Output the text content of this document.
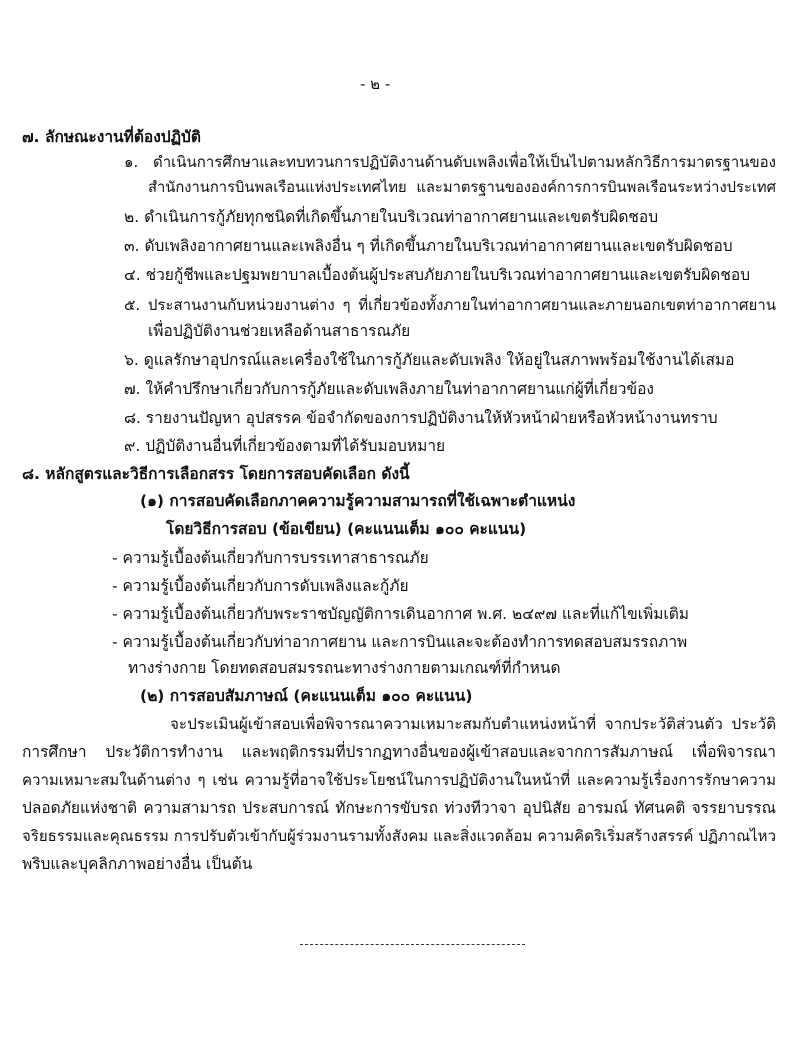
- ๒ -
๗. ลักษณะงานที่ต้องปฏิบัติ
๑. ดำเนินการศึกษาและทบทวนการปฏิบัติงานด้านดับเพลิงเพื่อให้เป็นไปตามหลักวิธีการมาตรฐานของ
สำนักงานการบินพลเรือนแห่งประเทศไทย และมาตรฐานขององค์การการบินพลเรือนระหว่างประเทศ
๒. ดำเนินการกู้ภัยทุกชนิดที่เกิดขึ้นภายในบริเวณท่าอากาศยานและเขตรับผิดชอบ
๓. ดับเพลิงอากาศยานและเพลิงอื่น ๆ ที่เกิดขึ้นภายในบริเวณท่าอากาศยานและเขตรับผิดชอบ
๔. ช่วยกู้ชีพและปฐมพยาบาลเบื้องต้นผู้ประสบภัยภายในบริเวณท่าอากาศยานและเขตรับผิดชอบ
๕. ประสานงานกับหน่วยงานต่าง ๆ ที่เกี่ยวข้องทั้งภายในท่าอากาศยานและภายนอกเขตท่าอากาศยาน
เพื่อปฏิบัติงานช่วยเหลือด้านสาธารณภัย
๖. ดูแลรักษาอุปกรณ์และเครื่องใช้ในการกู้ภัยและดับเพลิง ให้อยู่ในสภาพพร้อมใช้งานได้เสมอ
๗. ให้คำปรึกษาเกี่ยวกับการกู้ภัยและดับเพลิงภายในท่าอากาศยานแก่ผู้ที่เกี่ยวข้อง
๘. รายงานปัญหา อุปสรรค ข้อจำกัดของการปฏิบัติงานให้หัวหน้าฝ่ายหรือหัวหน้างานทราบ
๙. ปฏิบัติงานอื่นที่เกี่ยวข้องตามที่ได้รับมอบหมาย
๘. หลักสูตรและวิธีการเลือกสรร โดยการสอบคัดเลือก ดังนี้
(๑) การสอบคัดเลือกภาคความรู้ความสามารถที่ใช้เฉพาะตำแหน่ง
โดยวิธีการสอบ (ข้อเขียน) (คะแนนเต็ม ๑๐๐ คะแนน)
- ความรู้เบื้องต้นเกี่ยวกับการบรรเทาสาธารณภัย
- ความรู้เบื้องต้นเกี่ยวกับการดับเพลิงและกู้ภัย
- ความรู้เบื้องต้นเกี่ยวกับพระราชบัญญัติการเดินอากาศ พ.ศ. ๒๔๙๗ และที่แก้ไขเพิ่มเติม
- ความรู้เบื้องต้นเกี่ยวกับท่าอากาศยาน และการบินและจะต้องทำการทดสอบสมรรถภาพ
ทางร่างกาย โดยทดสอบสมรรถนะทางร่างกายตามเกณฑ์ที่กำหนด
(๒) การสอบสัมภาษณ์ (คะแนนเต็ม ๑๐๐ คะแนน)
จะประเมินผู้เข้าสอบเพื่อพิจารณาความเหมาะสมกับตำแหน่งหน้าที่ จากประวัติส่วนตัว ประวัติ
การศึกษา ประวัติการทำงาน และพฤติกรรมที่ปรากฏทางอื่นของผู้เข้าสอบและจากการสัมภาษณ์ เพื่อพิจารณา
ความเหมาะสมในด้านต่าง ๆ เช่น ความรู้ที่อาจใช้ประโยชน์ในการปฏิบัติงานในหน้าที่ และความรู้เรื่องการรักษาความ
ปลอดภัยแห่งชาติ ความสามารถ ประสบการณ์ ทักษะการขับรถ ท่วงทีวาจา อุปนิสัย อารมณ์ ทัศนคติ จรรยาบรรณ
จริยธรรมและคุณธรรม การปรับตัวเข้ากับผู้ร่วมงานรามทั้งสังคม และสิ่งแวดล้อม ความคิดริเริ่มสร้างสรรค์ ปฏิภาณไหว
พริบและบุคลิกภาพอย่างอื่น เป็นต้น
